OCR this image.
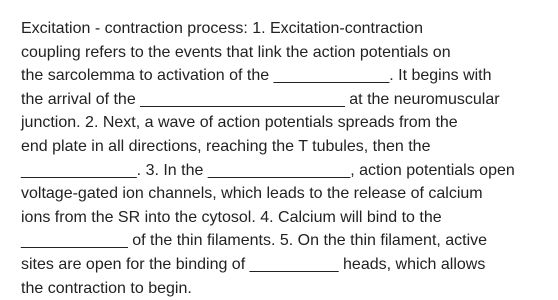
Excitation - contraction process: 1. Excitation-contraction
coupling refers to the events that link the action potentials on
the sarcolemma to activation of the _____________. It begins with
the arrival of the _______________________ at the neuromuscular
junction. 2. Next, a wave of action potentials spreads from the
end plate in all directions, reaching the T tubules, then the
_____________. 3. In the ________________, action potentials open
voltage-gated ion channels, which leads to the release of calcium
ions from the SR into the cytosol. 4. Calcium will bind to the
____________ of the thin filaments. 5. On the thin filament, active
sites are open for the binding of __________ heads, which allows
the contraction to begin.
